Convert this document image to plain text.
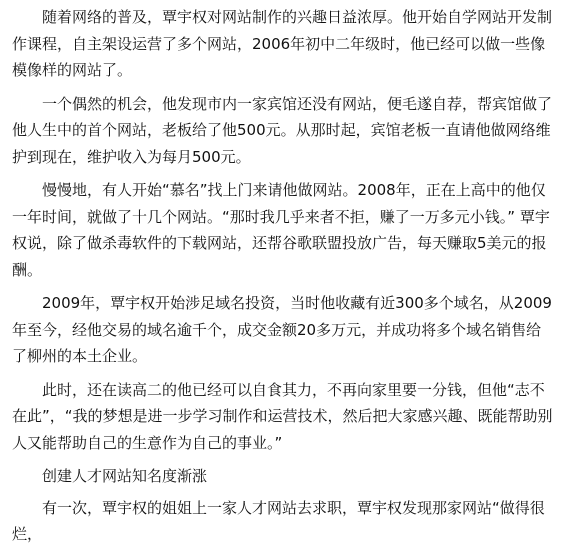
随着网络的普及，覃宇权对网站制作的兴趣日益浓厚。他开始自学网站开发制作课程，自主架设运营了多个网站，2006年初中二年级时，他已经可以做一些像模像样的网站了。

一个偶然的机会，他发现市内一家宾馆还没有网站，便毛遂自荐，帮宾馆做了他人生中的首个网站，老板给了他500元。从那时起，宾馆老板一直请他做网络维护到现在，维护收入为每月500元。

慢慢地，有人开始“慕名”找上门来请他做网站。2008年，正在上高中的他仅一年时间，就做了十几个网站。“那时我几乎来者不拒，赚了一万多元小钱。” 覃宇权说，除了做杀毒软件的下载网站，还帮谷歌联盟投放广告，每天赚取5美元的报酬。

2009年，覃宇权开始涉足域名投资，当时他收藏有近300多个域名，从2009年至今，经他交易的域名逾千个，成交金额20多万元，并成功将多个域名销售给了柳州的本土企业。

此时，还在读高二的他已经可以自食其力，不再向家里要一分钱，但他“志不在此”，“我的梦想是进一步学习制作和运营技术，然后把大家感兴趣、既能帮助别人又能帮助自己的生意作为自己的事业。”

创建人才网站知名度渐涨

有一次，覃宇权的姐姐上一家人才网站去求职，覃宇权发现那家网站“做得很烂，
